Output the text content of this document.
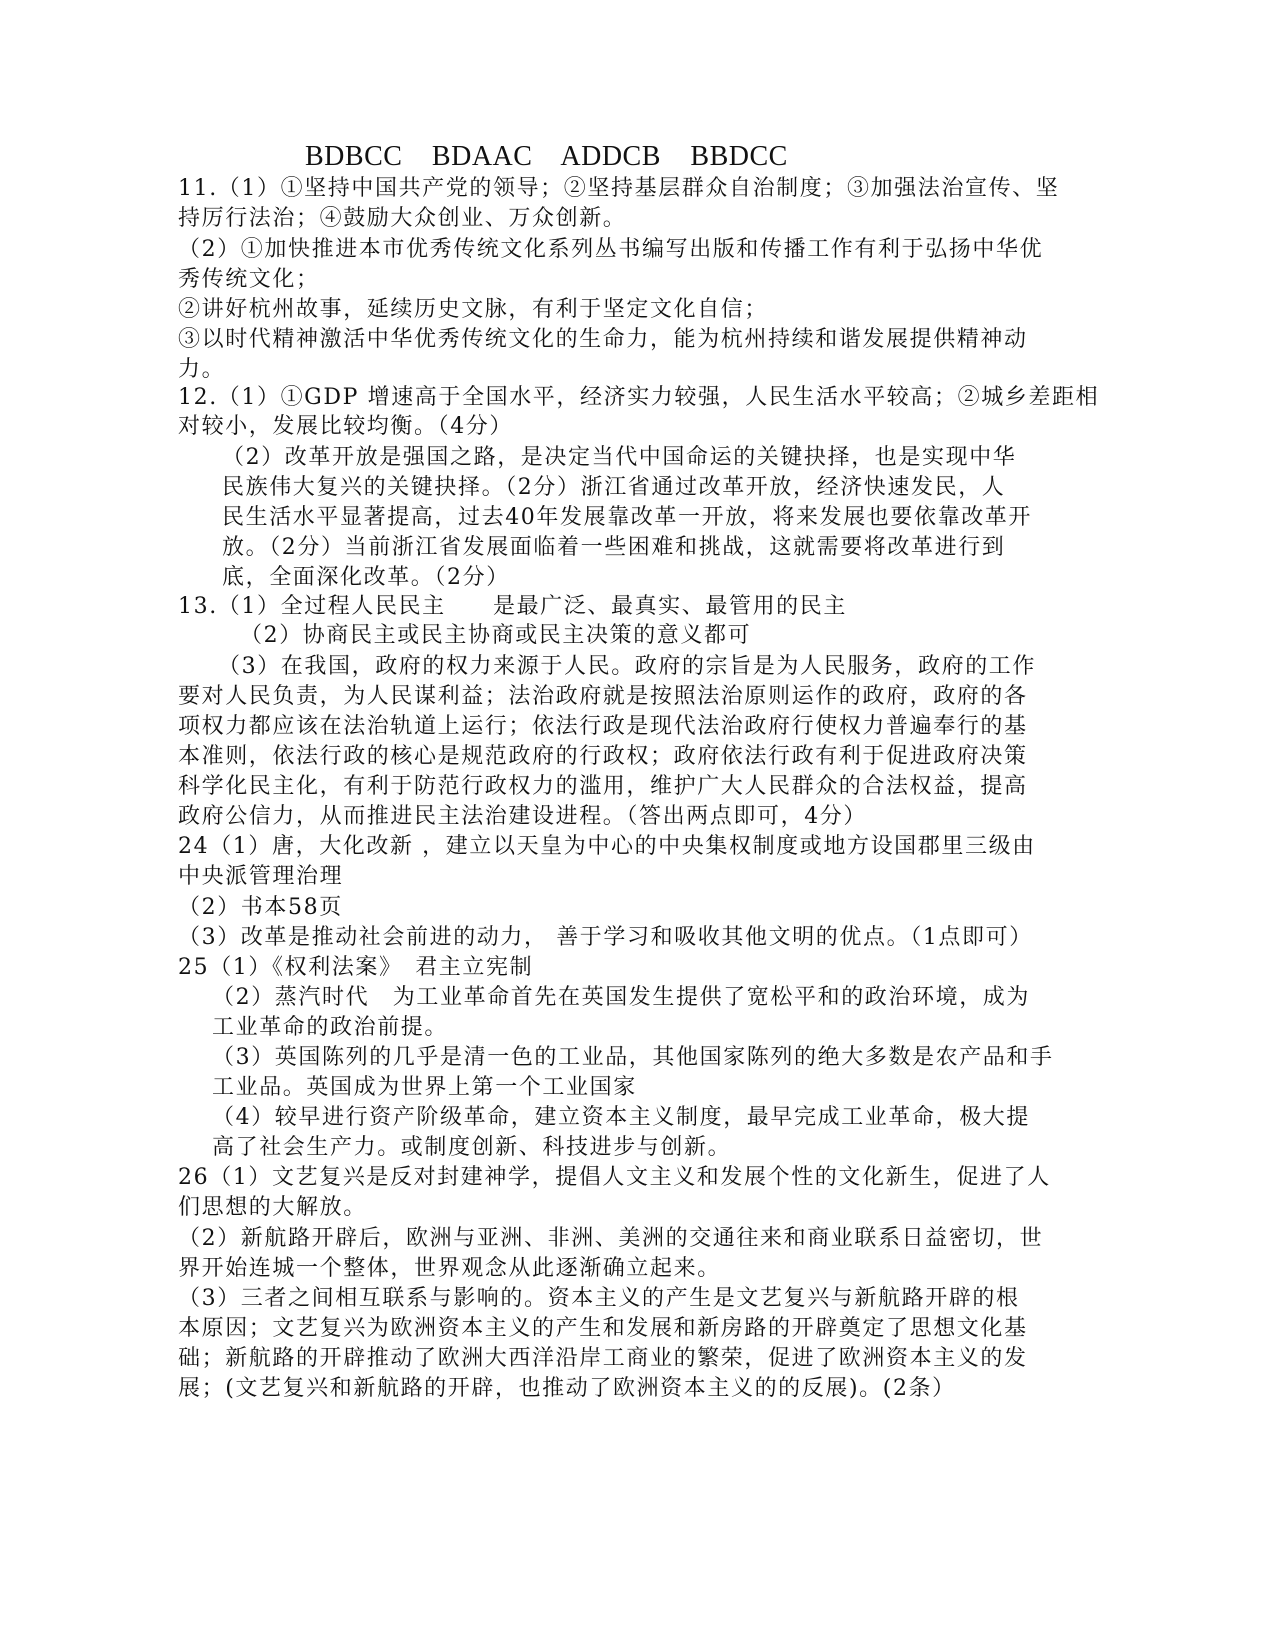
BDBCC BDAAC ADDCB BBDCC
11.（1）①坚持中国共产党的领导；②坚持基层群众自治制度；③加强法治宣传、坚
持厉行法治；④鼓励大众创业、万众创新。
（2）①加快推进本市优秀传统文化系列丛书编写出版和传播工作有利于弘扬中华优
秀传统文化；
②讲好杭州故事，延续历史文脉，有利于坚定文化自信；
③以时代精神激活中华优秀传统文化的生命力，能为杭州持续和谐发展提供精神动
力。
12.（1）①GDP 增速高于全国水平，经济实力较强，人民生活水平较高；②城乡差距相
对较小，发展比较均衡。（4分）
（2）改革开放是强国之路，是决定当代中国命运的关键抉择，也是实现中华
民族伟大复兴的关键抉择。（2分）浙江省通过改革开放，经济快速发民，人
民生活水平显著提高，过去40年发展靠改革一开放，将来发展也要依靠改革开
放。（2分）当前浙江省发展面临着一些困难和挑战，这就需要将改革进行到
底，全面深化改革。（2分）
13.（1）全过程人民民主　　是最广泛、最真实、最管用的民主
（2）协商民主或民主协商或民主决策的意义都可
（3）在我国，政府的权力来源于人民。政府的宗旨是为人民服务，政府的工作
要对人民负责，为人民谋利益；法治政府就是按照法治原则运作的政府，政府的各
项权力都应该在法治轨道上运行；依法行政是现代法治政府行使权力普遍奉行的基
本准则，依法行政的核心是规范政府的行政权；政府依法行政有利于促进政府决策
科学化民主化，有利于防范行政权力的滥用，维护广大人民群众的合法权益，提高
政府公信力，从而推进民主法治建设进程。（答出两点即可，4分）
24（1）唐，大化改新 ，建立以天皇为中心的中央集权制度或地方设国郡里三级由
中央派管理治理
（2）书本58页
（3）改革是推动社会前进的动力， 善于学习和吸收其他文明的优点。（1点即可）
25（1）《权利法案》　君主立宪制
（2）蒸汽时代　为工业革命首先在英国发生提供了宽松平和的政治环境，成为
工业革命的政治前提。
（3）英国陈列的几乎是清一色的工业品，其他国家陈列的绝大多数是农产品和手
工业品。英国成为世界上第一个工业国家
（4）较早进行资产阶级革命，建立资本主义制度，最早完成工业革命，极大提
高了社会生产力。或制度创新、科技进步与创新。
26（1）文艺复兴是反对封建神学，提倡人文主义和发展个性的文化新生，促进了人
们思想的大解放。
（2）新航路开辟后，欧洲与亚洲、非洲、美洲的交通往来和商业联系日益密切，世
界开始连城一个整体，世界观念从此逐渐确立起来。
（3）三者之间相互联系与影响的。资本主义的产生是文艺复兴与新航路开辟的根
本原因；文艺复兴为欧洲资本主义的产生和发展和新房路的开辟奠定了思想文化基
础；新航路的开辟推动了欧洲大西洋沿岸工商业的繁荣，促进了欧洲资本主义的发
展；(文艺复兴和新航路的开辟，也推动了欧洲资本主义的的反展)。(2条）
